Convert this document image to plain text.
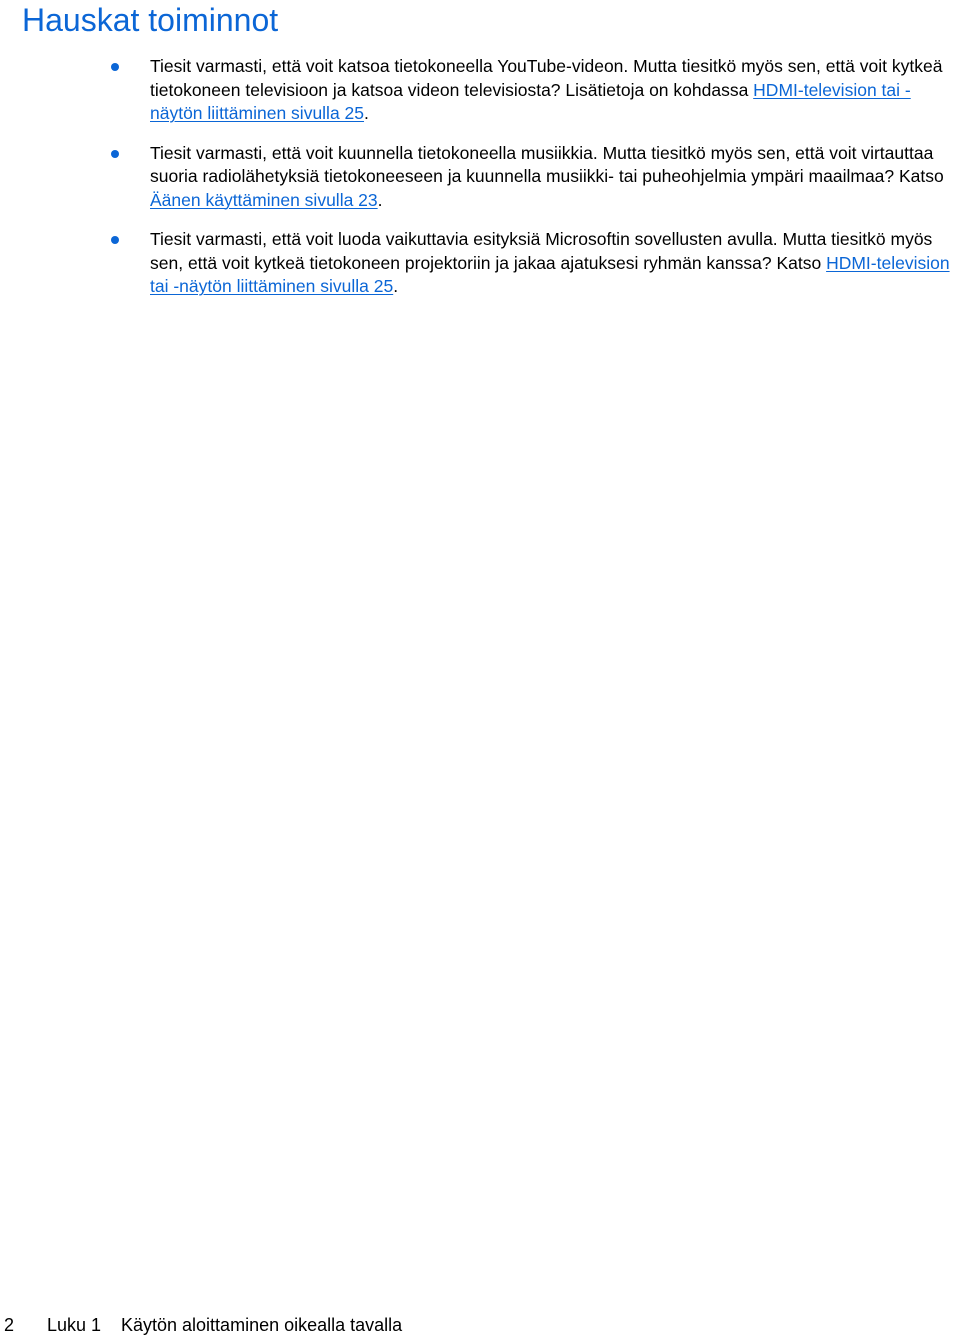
Hauskat toiminnot
Tiesit varmasti, että voit katsoa tietokoneella YouTube-videon. Mutta tiesitkö myös sen, että voit kytkeä tietokoneen televisioon ja katsoa videon televisiosta? Lisätietoja on kohdassa HDMI-television tai -näytön liittäminen sivulla 25.
Tiesit varmasti, että voit kuunnella tietokoneella musiikkia. Mutta tiesitkö myös sen, että voit virtauttaa suoria radiolähetyksiä tietokoneeseen ja kuunnella musiikki- tai puheohjelmia ympäri maailmaa? Katso Äänen käyttäminen sivulla 23.
Tiesit varmasti, että voit luoda vaikuttavia esityksiä Microsoftin sovellusten avulla. Mutta tiesitkö myös sen, että voit kytkeä tietokoneen projektoriin ja jakaa ajatuksesi ryhmän kanssa? Katso HDMI-television tai -näytön liittäminen sivulla 25.
2 Luku 1 Käytön aloittaminen oikealla tavalla
